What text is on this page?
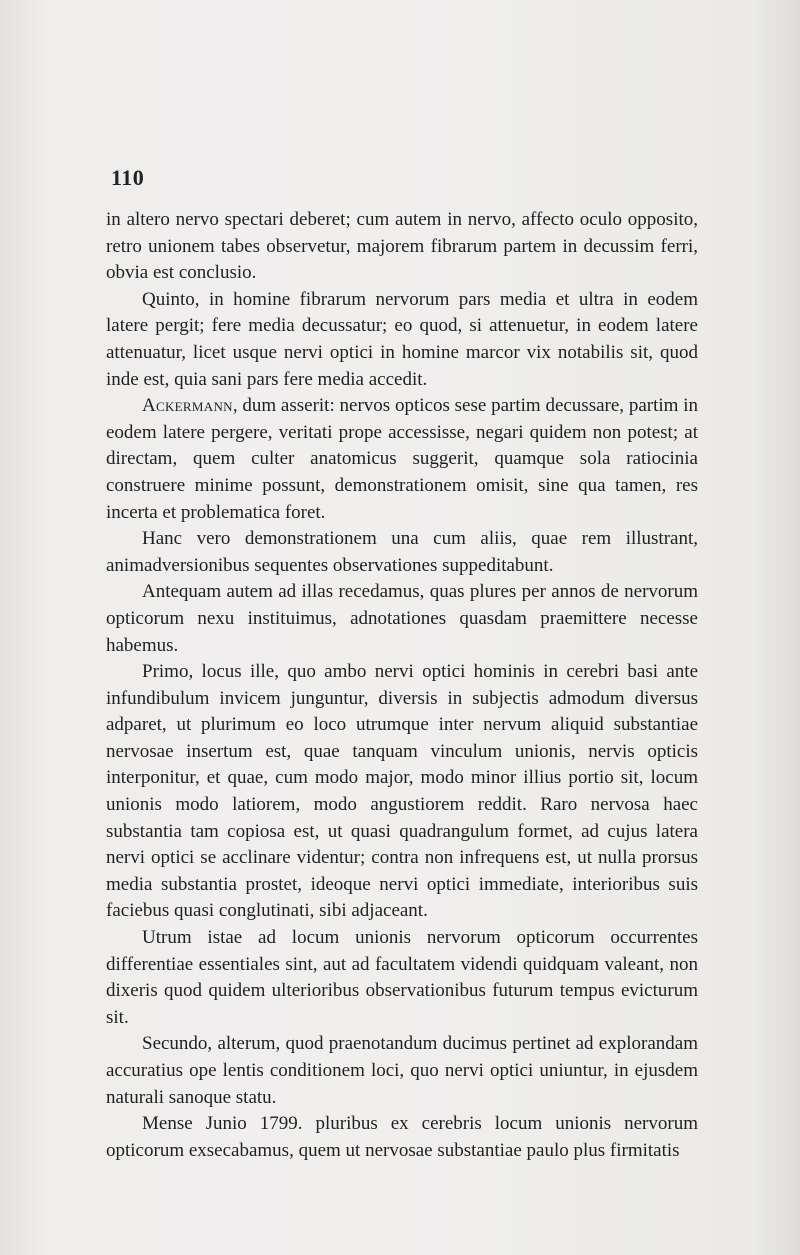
110

in altero nervo spectari deberet; cum autem in nervo, affecto oculo opposito, retro unionem tabes observetur, majorem fibrarum partem in decussim ferri, obvia est conclusio.

Quinto, in homine fibrarum nervorum pars media et ultra in eodem latere pergit; fere media decussatur; eo quod, si attenuetur, in eodem latere attenuatur, licet usque nervi optici in homine marcor vix notabilis sit, quod inde est, quia sani pars fere media accedit.

Ackermann, dum asserit: nervos opticos sese partim decussare, partim in eodem latere pergere, veritati prope accessisse, negari quidem non potest; at directam, quem culter anatomicus suggerit, quamque sola ratiocinia construere minime possunt, demonstrationem omisit, sine qua tamen, res incerta et problematica foret.

Hanc vero demonstrationem una cum aliis, quae rem illustrant, animadversionibus sequentes observationes suppeditabunt.

Antequam autem ad illas recedamus, quas plures per annos de nervorum opticorum nexu instituimus, adnotationes quasdam praemittere necesse habemus.

Primo, locus ille, quo ambo nervi optici hominis in cerebri basi ante infundibulum invicem junguntur, diversis in subjectis admodum diversus adparet, ut plurimum eo loco utrumque inter nervum aliquid substantiae nervosae insertum est, quae tanquam vinculum unionis, nervis opticis interponitur, et quae, cum modo major, modo minor illius portio sit, locum unionis modo latiorem, modo angustiorem reddit. Raro nervosa haec substantia tam copiosa est, ut quasi quadrangulum formet, ad cujus latera nervi optici se acclinare videntur; contra non infrequens est, ut nulla prorsus media substantia prostet, ideoque nervi optici immediate, interioribus suis faciebus quasi conglutinati, sibi adjaceant.

Utrum istae ad locum unionis nervorum opticorum occurrentes differentiae essentiales sint, aut ad facultatem videndi quidquam valeant, non dixeris quod quidem ulterioribus observationibus futurum tempus evicturum sit.

Secundo, alterum, quod praenotandum ducimus pertinet ad explorandam accuratius ope lentis conditionem loci, quo nervi optici uniuntur, in ejusdem naturali sanoque statu.

Mense Junio 1799. pluribus ex cerebris locum unionis nervorum opticorum exsecabamus, quem ut nervosae substantiae paulo plus firmitatis
